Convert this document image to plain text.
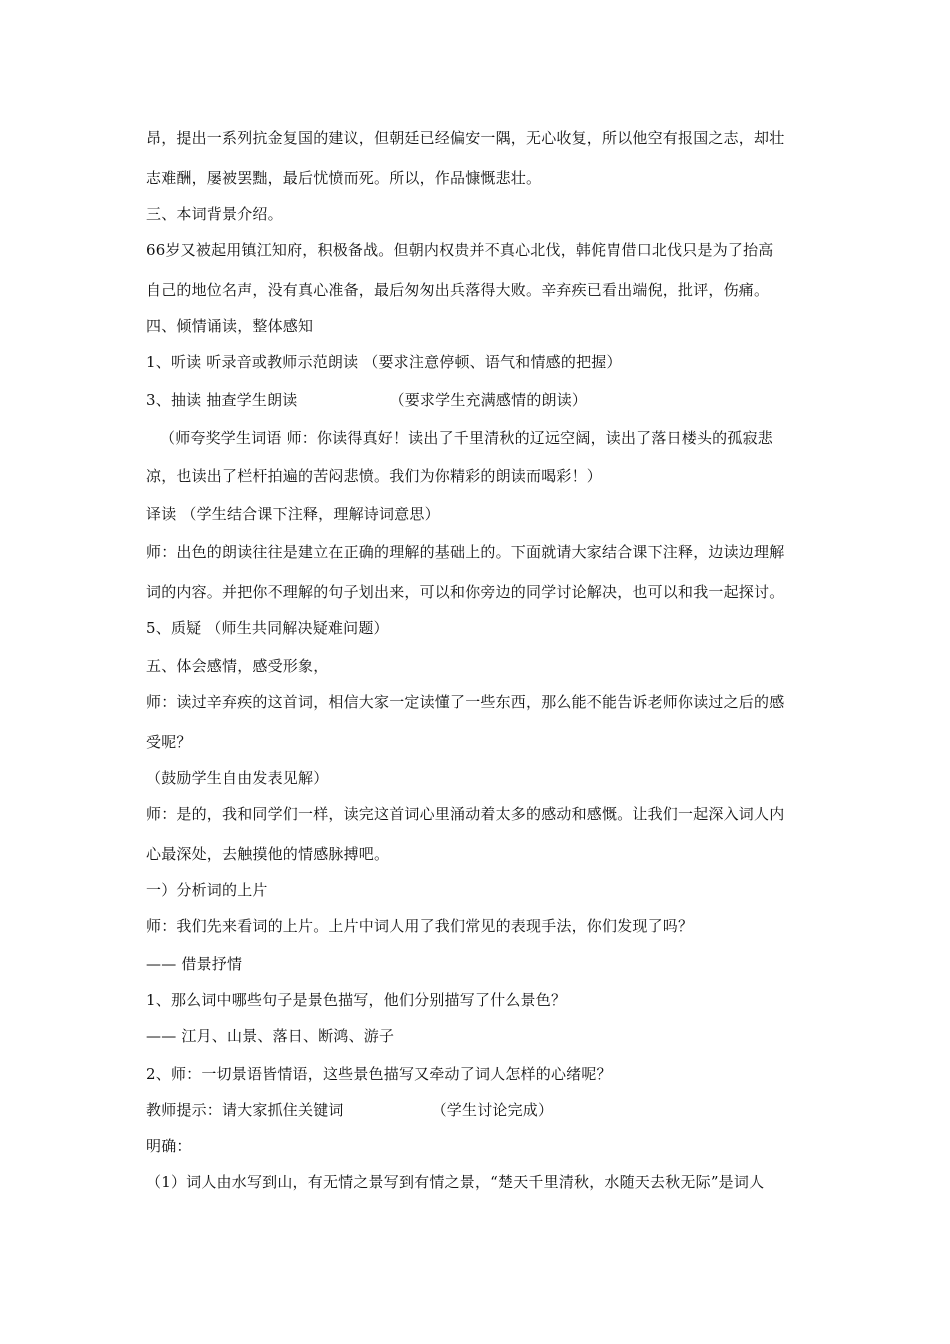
昂，提出一系列抗金复国的建议，但朝廷已经偏安一隅，无心收复，所以他空有报国之志，却壮
志难酬，屡被罢黜，最后忧愤而死。所以，作品慷慨悲壮。
三、本词背景介绍。
66岁又被起用镇江知府，积极备战。但朝内权贵并不真心北伐，韩侂胄借口北伐只是为了抬高
自己的地位名声，没有真心准备，最后匆匆出兵落得大败。辛弃疾已看出端倪，批评，伤痛。
四、倾情诵读，整体感知
1、听读 听录音或教师示范朗读 （要求注意停顿、语气和情感的把握）
3、抽读 抽查学生朗读	（要求学生充满感情的朗读）
（师夸奖学生词语 师：你读得真好！读出了千里清秋的辽远空阔，读出了落日楼头的孤寂悲
凉，也读出了栏杆拍遍的苦闷悲愤。我们为你精彩的朗读而喝彩！）
译读 （学生结合课下注释，理解诗词意思）
师：出色的朗读往往是建立在正确的理解的基础上的。下面就请大家结合课下注释，边读边理解
词的内容。并把你不理解的句子划出来，可以和你旁边的同学讨论解决，也可以和我一起探讨。
5、质疑 （师生共同解决疑难问题）
五、体会感情，感受形象，
师：读过辛弃疾的这首词，相信大家一定读懂了一些东西，那么能不能告诉老师你读过之后的感
受呢？
（鼓励学生自由发表见解）
师：是的，我和同学们一样，读完这首词心里涌动着太多的感动和感慨。让我们一起深入词人内
心最深处，去触摸他的情感脉搏吧。
一）分析词的上片
师：我们先来看词的上片。上片中词人用了我们常见的表现手法，你们发现了吗？
—— 借景抒情
1、那么词中哪些句子是景色描写，他们分别描写了什么景色？
—— 江月、山景、落日、断鸿、游子
2、师：一切景语皆情语，这些景色描写又牵动了词人怎样的心绪呢？
教师提示：请大家抓住关键词	（学生讨论完成）
明确：
（1）词人由水写到山，有无情之景写到有情之景，“楚天千里清秋，水随天去秋无际”是词人
